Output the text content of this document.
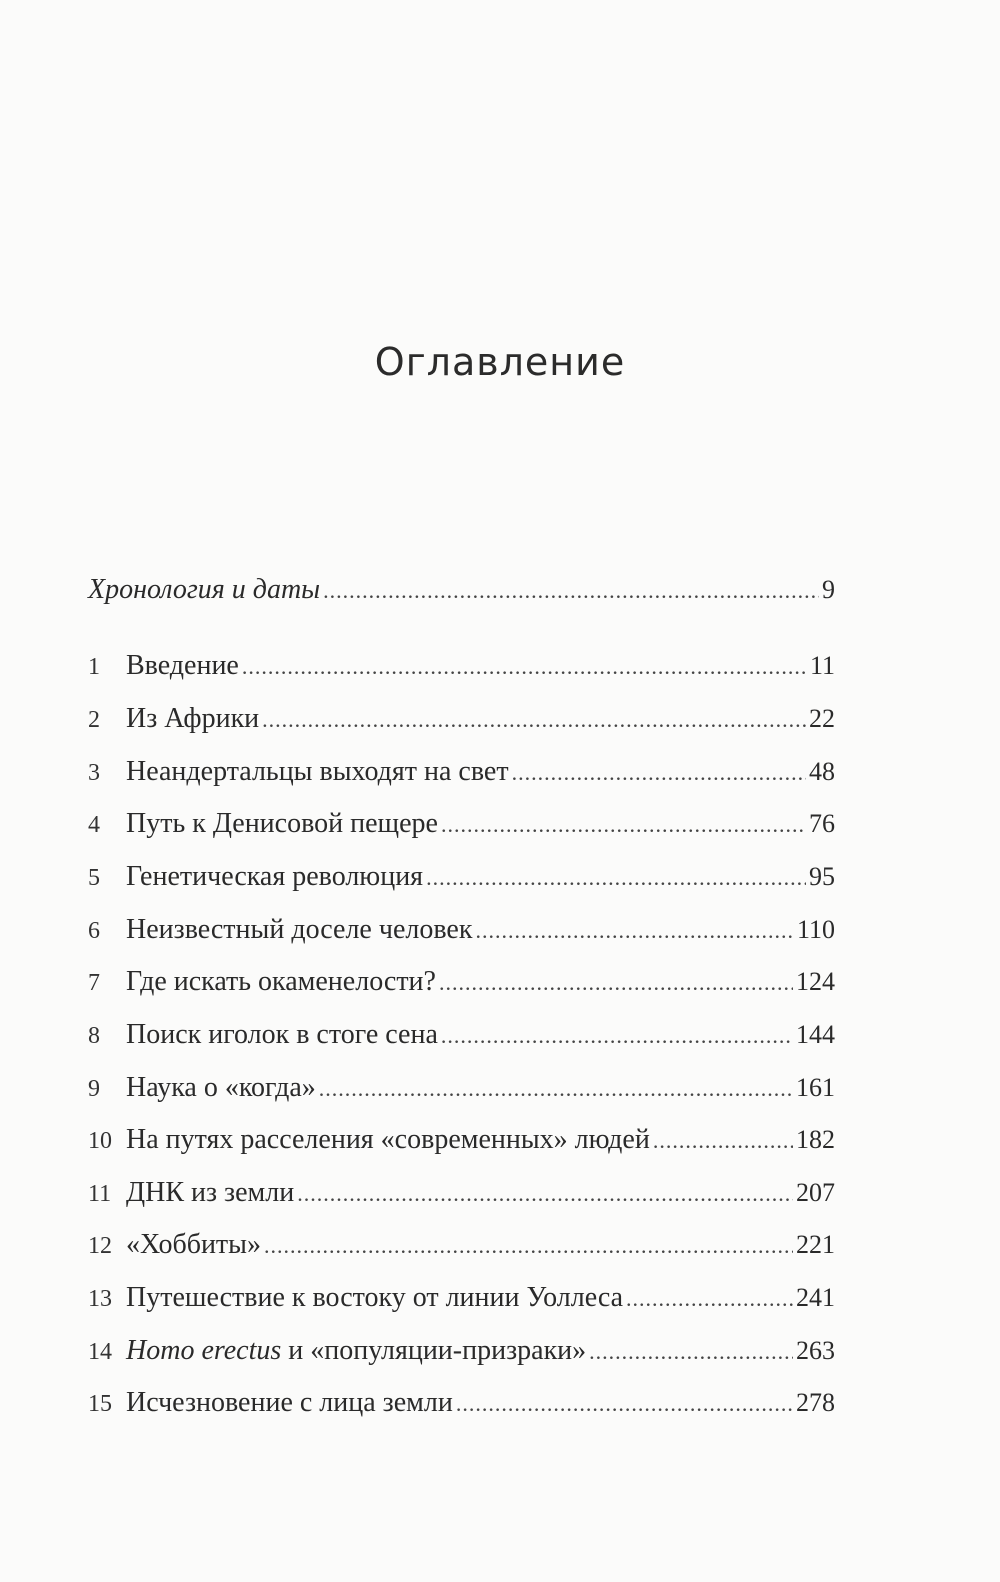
Оглавление
Хронология и даты .....	9
1 Введение .....	11
2 Из Африки .....	22
3 Неандертальцы выходят на свет .....	48
4 Путь к Денисовой пещере .....	76
5 Генетическая революция .....	95
6 Неизвестный доселе человек .....	110
7 Где искать окаменелости? .....	124
8 Поиск иголок в стоге сена .....	144
9 Наука о «когда» .....	161
10 На путях расселения «современных» людей .....	182
11 ДНК из земли .....	207
12 «Хоббиты» .....	221
13 Путешествие к востоку от линии Уоллеса .....	241
14 Homo erectus и «популяции-призраки» .....	263
15 Исчезновение с лица земли .....	278
